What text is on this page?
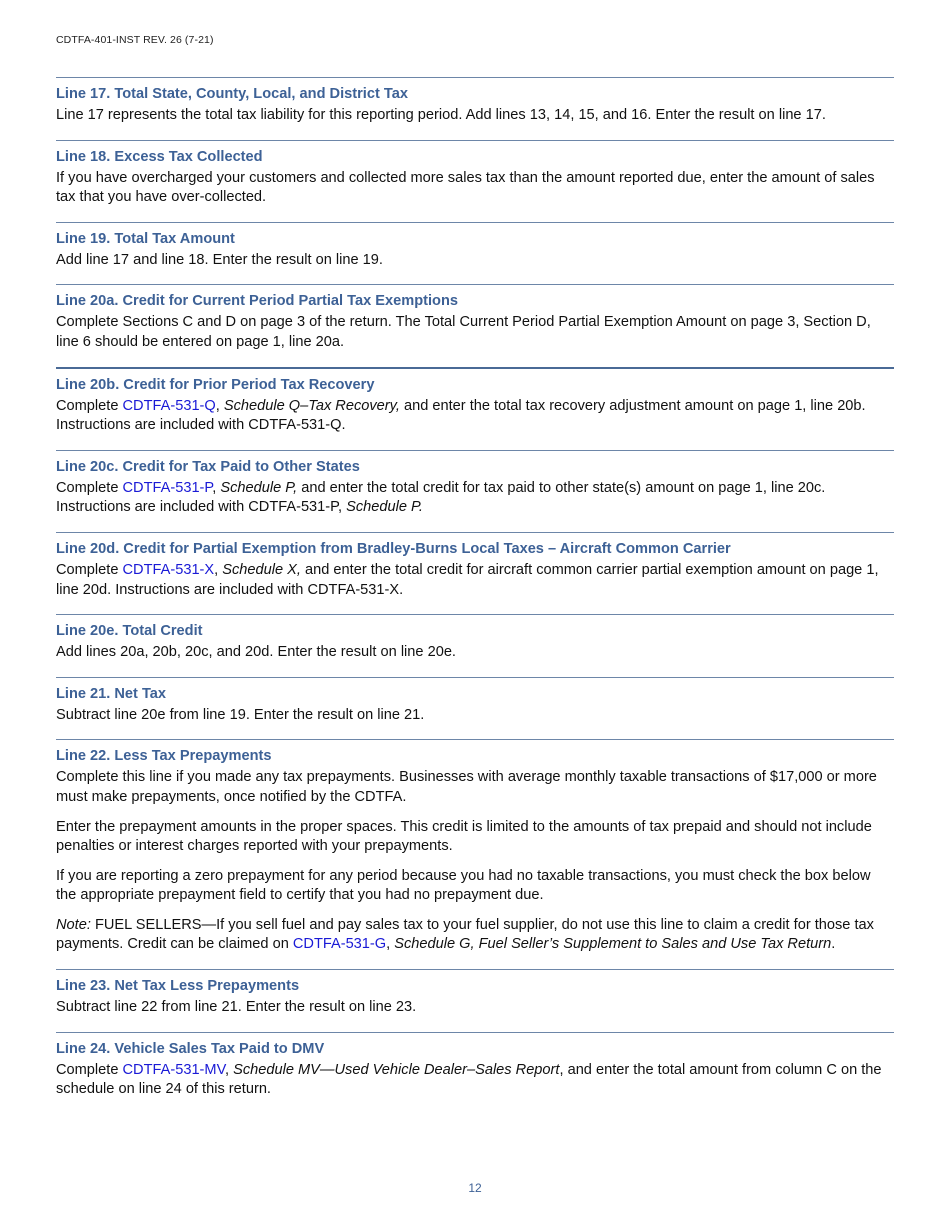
CDTFA-401-INST REV. 26 (7-21)
Line 17. Total State, County, Local, and District Tax

Line 17 represents the total tax liability for this reporting period. Add lines 13, 14, 15, and 16. Enter the result on line 17.

Line 18. Excess Tax Collected

If you have overcharged your customers and collected more sales tax than the amount reported due, enter the amount of sales tax that you have over-collected.

Line 19. Total Tax Amount

Add line 17 and line 18. Enter the result on line 19.

Line 20a. Credit for Current Period Partial Tax Exemptions

Complete Sections C and D on page 3 of the return. The Total Current Period Partial Exemption Amount on page 3, Section D, line 6 should be entered on page 1, line 20a.

Line 20b. Credit for Prior Period Tax Recovery

Complete CDTFA-531-Q, Schedule Q–Tax Recovery, and enter the total tax recovery adjustment amount on page 1, line 20b. Instructions are included with CDTFA-531-Q.

Line 20c. Credit for Tax Paid to Other States

Complete CDTFA-531-P, Schedule P, and enter the total credit for tax paid to other state(s) amount on page 1, line 20c. Instructions are included with CDTFA-531-P, Schedule P.

Line 20d. Credit for Partial Exemption from Bradley-Burns Local Taxes – Aircraft Common Carrier

Complete CDTFA-531-X, Schedule X, and enter the total credit for aircraft common carrier partial exemption amount on page 1, line 20d. Instructions are included with CDTFA-531-X.

Line 20e. Total Credit

Add lines 20a, 20b, 20c, and 20d. Enter the result on line 20e.

Line 21. Net Tax

Subtract line 20e from line 19. Enter the result on line 21.

Line 22. Less Tax Prepayments

Complete this line if you made any tax prepayments. Businesses with average monthly taxable transactions of $17,000 or more must make prepayments, once notified by the CDTFA.

Enter the prepayment amounts in the proper spaces. This credit is limited to the amounts of tax prepaid and should not include penalties or interest charges reported with your prepayments.

If you are reporting a zero prepayment for any period because you had no taxable transactions, you must check the box below the appropriate prepayment field to certify that you had no prepayment due.

Note: FUEL SELLERS—If you sell fuel and pay sales tax to your fuel supplier, do not use this line to claim a credit for those tax payments. Credit can be claimed on CDTFA-531-G, Schedule G, Fuel Seller’s Supplement to Sales and Use Tax Return.

Line 23. Net Tax Less Prepayments

Subtract line 22 from line 21. Enter the result on line 23.

Line 24. Vehicle Sales Tax Paid to DMV

Complete CDTFA-531-MV, Schedule MV—Used Vehicle Dealer–Sales Report, and enter the total amount from column C on the schedule on line 24 of this return.

12
